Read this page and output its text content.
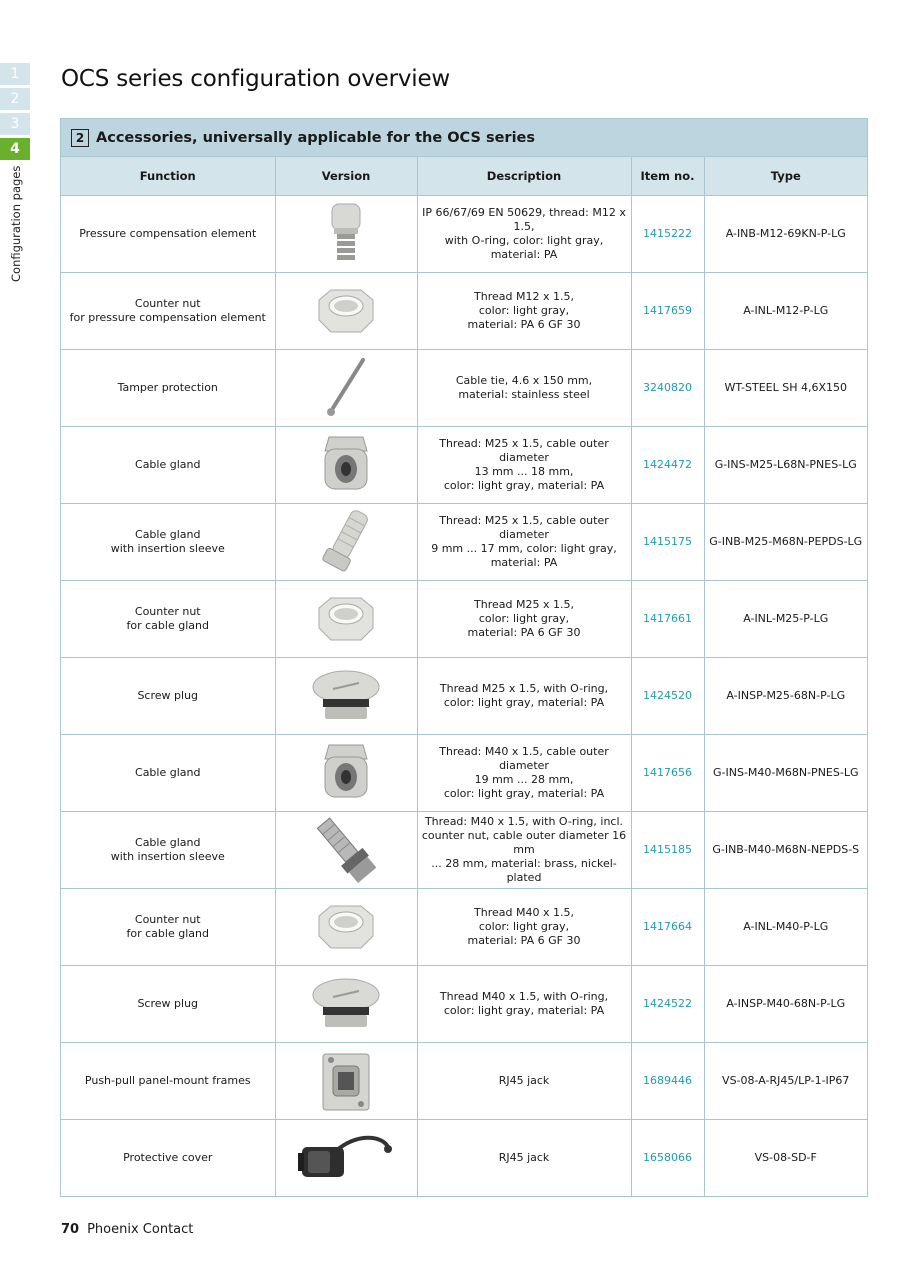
1
2
3
4
Configuration pages
OCS series configuration overview
2 Accessories, universally applicable for the OCS series
Function	Version	Description	Item no.	Type
Pressure compensation element		IP 66/67/69 EN 50629, thread: M12 x 1.5,
with O-ring, color: light gray,
material: PA	1415222	A-INB-M12-69KN-P-LG
Counter nut
for pressure compensation element		Thread M12 x 1.5,
color: light gray,
material: PA 6 GF 30	1417659	A-INL-M12-P-LG
Tamper protection		Cable tie, 4.6 x 150 mm,
material: stainless steel	3240820	WT-STEEL SH 4,6X150
Cable gland		Thread: M25 x 1.5, cable outer diameter
13 mm ... 18 mm,
color: light gray, material: PA	1424472	G-INS-M25-L68N-PNES-LG
Cable gland
with insertion sleeve		Thread: M25 x 1.5, cable outer diameter
9 mm ... 17 mm, color: light gray,
material: PA	1415175	G-INB-M25-M68N-PEPDS-LG
Counter nut
for cable gland		Thread M25 x 1.5,
color: light gray,
material: PA 6 GF 30	1417661	A-INL-M25-P-LG
Screw plug		Thread M25 x 1.5, with O-ring,
color: light gray, material: PA	1424520	A-INSP-M25-68N-P-LG
Cable gland		Thread: M40 x 1.5, cable outer diameter
19 mm ... 28 mm,
color: light gray, material: PA	1417656	G-INS-M40-M68N-PNES-LG
Cable gland
with insertion sleeve		Thread: M40 x 1.5, with O-ring, incl.
counter nut, cable outer diameter 16 mm
... 28 mm, material: brass, nickel-plated	1415185	G-INB-M40-M68N-NEPDS-S
Counter nut
for cable gland		Thread M40 x 1.5,
color: light gray,
material: PA 6 GF 30	1417664	A-INL-M40-P-LG
Screw plug		Thread M40 x 1.5, with O-ring,
color: light gray, material: PA	1424522	A-INSP-M40-68N-P-LG
Push-pull panel-mount frames		RJ45 jack	1689446	VS-08-A-RJ45/LP-1-IP67
Protective cover		RJ45 jack	1658066	VS-08-SD-F
70 Phoenix Contact
